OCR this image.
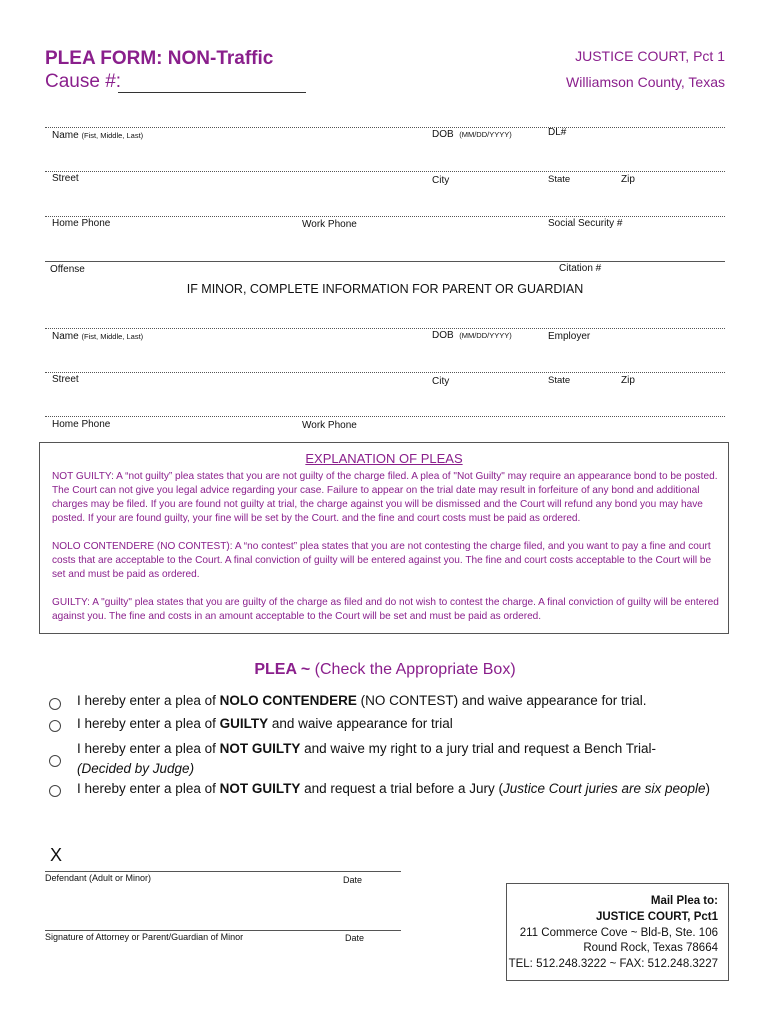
PLEA FORM: NON-Traffic
Cause #:
JUSTICE COURT, Pct 1
Williamson County, Texas
Name (Fist, Middle, Last)	DOB (MM/DD/YYYY)	DL#
Street	City	State	Zip
Home Phone	Work Phone	Social Security #
Offense	Citation #
IF MINOR, COMPLETE INFORMATION FOR PARENT OR GUARDIAN
Name (Fist, Middle, Last)	DOB (MM/DD/YYYY)	Employer
Street	City	State	Zip
Home Phone	Work Phone
EXPLANATION OF PLEAS
NOT GUILTY: A “not guilty” plea states that you are not guilty of the charge filed. A plea of "Not Guilty" may require an appearance bond to be posted. The Court can not give you legal advice regarding your case. Failure to appear on the trial date may result in forfeiture of any bond and additional charges may be filed. If you are found not guilty at trial, the charge against you will be dismissed and the Court will refund any bond you may have posted. If your are found guilty, your fine will be set by the Court. and the fine and court costs must be paid as ordered.
NOLO CONTENDERE (NO CONTEST): A “no contest” plea states that you are not contesting the charge filed, and you want to pay a fine and court costs that are acceptable to the Court. A final conviction of guilty will be entered against you. The fine and court costs acceptable to the Court will be set and must be paid as ordered.
GUILTY: A "guilty" plea states that you are guilty of the charge as filed and do not wish to contest the charge. A final conviction of guilty will be entered against you. The fine and costs in an amount acceptable to the Court will be set and must be paid as ordered.
PLEA ~ (Check the Appropriate Box)
I hereby enter a plea of NOLO CONTENDERE (NO CONTEST) and waive appearance for trial.
I hereby enter a plea of GUILTY and waive appearance for trial
I hereby enter a plea of NOT GUILTY and waive my right to a jury trial and request a Bench Trial-
(Decided by Judge)
I hereby enter a plea of NOT GUILTY and request a trial before a Jury (Justice Court juries are six people)
X
Defendant (Adult or Minor)	Date
Signature of Attorney or Parent/Guardian of Minor	Date
Mail Plea to:
JUSTICE COURT, Pct1
211 Commerce Cove ~ Bld-B, Ste. 106
Round Rock, Texas 78664
TEL: 512.248.3222 ~ FAX: 512.248.3227
